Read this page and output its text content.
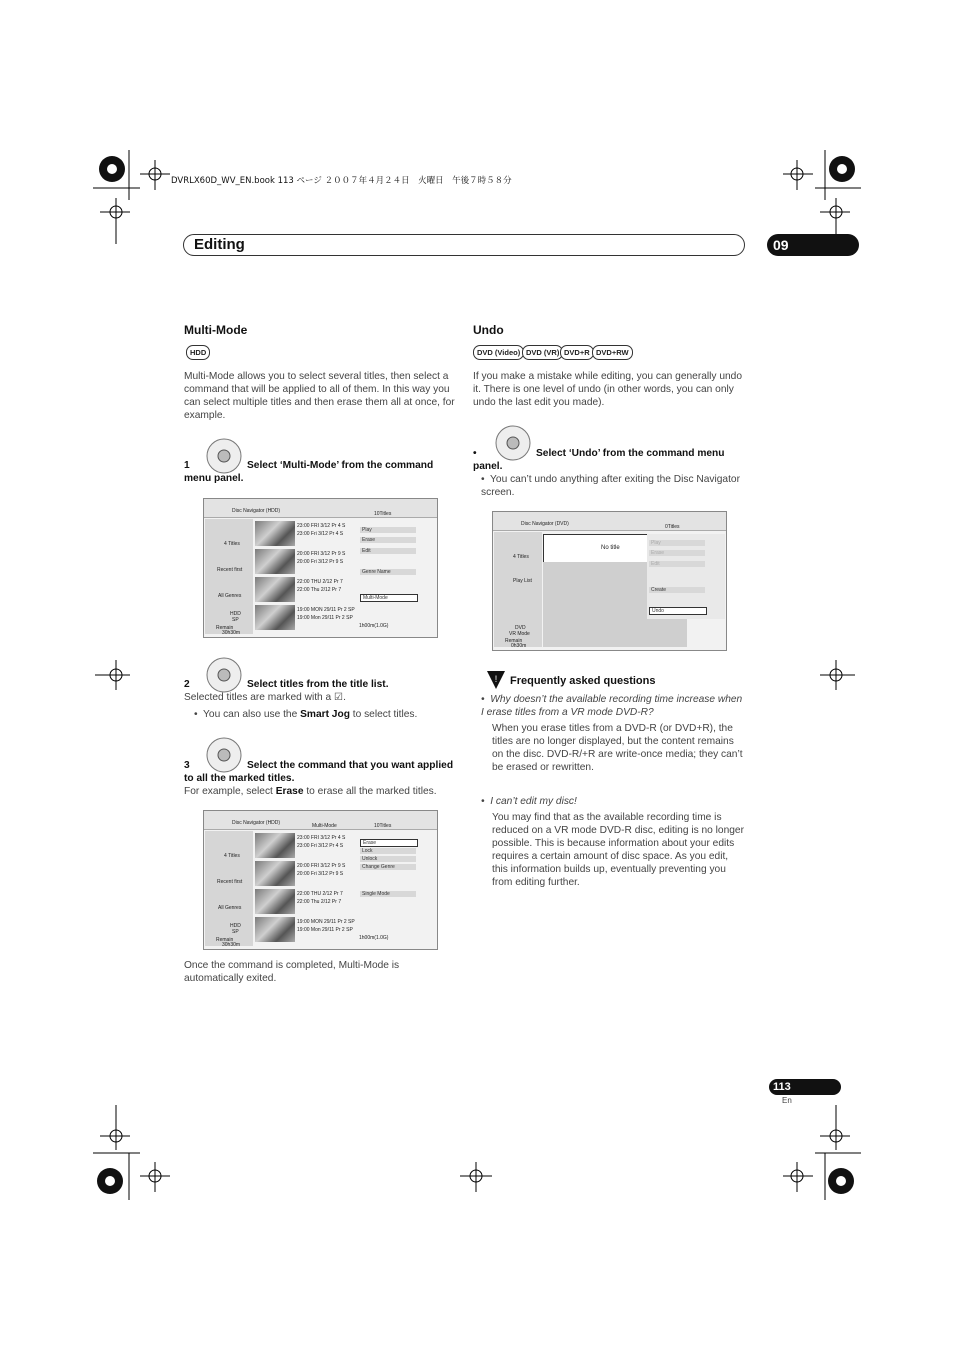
DVRLX60D_WV_EN.book 113 ページ ２００７年４月２４日　火曜日　午後７時５８分
Editing	09
Multi-Mode
HDD
Multi-Mode allows you to select several titles, then select a command that will be applied to all of them. In this way you can select multiple titles and then erase them all at once, for example.
1	Select ‘Multi-Mode’ from the command menu panel.
Disc Navigator (HDD)	10Titles
4 Titles
Recent first
All Genres
HDD
SP
Remain
30h30m
23:00 FRI 3/12 Pr 4 S
23:00 Fri 3/12 Pr 4 S
20:00 FRI 3/12 Pr 9 S
20:00 Fri 3/12 Pr 9 S
22:00 THU 2/12 Pr 7
22:00 Thu 2/12 Pr 7
19:00 MON 29/11 Pr 2 SP
19:00 Mon 29/11 Pr 2 SP
Play
Erase
Edit
Genre Name
Multi-Mode
1h00m(1.0G)
2	Select titles from the title list.
Selected titles are marked with a ☑.
•  You can also use the Smart Jog to select titles.
3	Select the command that you want applied to all the marked titles.
For example, select Erase to erase all the marked titles.
Disc Navigator (HDD)	Multi-Mode	10Titles
4 Titles
Recent first
All Genres
HDD
SP
Remain
30h30m
23:00 FRI 3/12 Pr 4 S
23:00 Fri 3/12 Pr 4 S
20:00 FRI 3/12 Pr 9 S
20:00 Fri 3/12 Pr 9 S
22:00 THU 2/12 Pr 7
22:00 Thu 2/12 Pr 7
19:00 MON 29/11 Pr 2 SP
19:00 Mon 29/11 Pr 2 SP
Erase
Lock
Unlock
Change Genre
Single Mode
1h00m(1.0G)
Once the command is completed, Multi-Mode is automatically exited.
Undo
DVD (Video) DVD (VR) DVD+R DVD+RW
If you make a mistake while editing, you can generally undo it. There is one level of undo (in other words, you can only undo the last edit you made).
•	Select ‘Undo’ from the command menu panel.
•  You can’t undo anything after exiting the Disc Navigator screen.
Disc Navigator (DVD)	0Titles
4 Titles
Play List
DVD
VR Mode
Remain
0h30m
No title
Play
Erase
Edit
Create
Undo
! Frequently asked questions
•  Why doesn’t the available recording time increase when I erase titles from a VR mode DVD-R?
When you erase titles from a DVD-R (or DVD+R), the titles are no longer displayed, but the content remains on the disc. DVD-R/+R are write-once media; they can’t be erased or rewritten.
•  I can’t edit my disc!
You may find that as the available recording time is reduced on a VR mode DVD-R disc, editing is no longer possible. This is because information about your edits requires a certain amount of disc space. As you edit, this information builds up, eventually preventing you from editing further.
113
En
